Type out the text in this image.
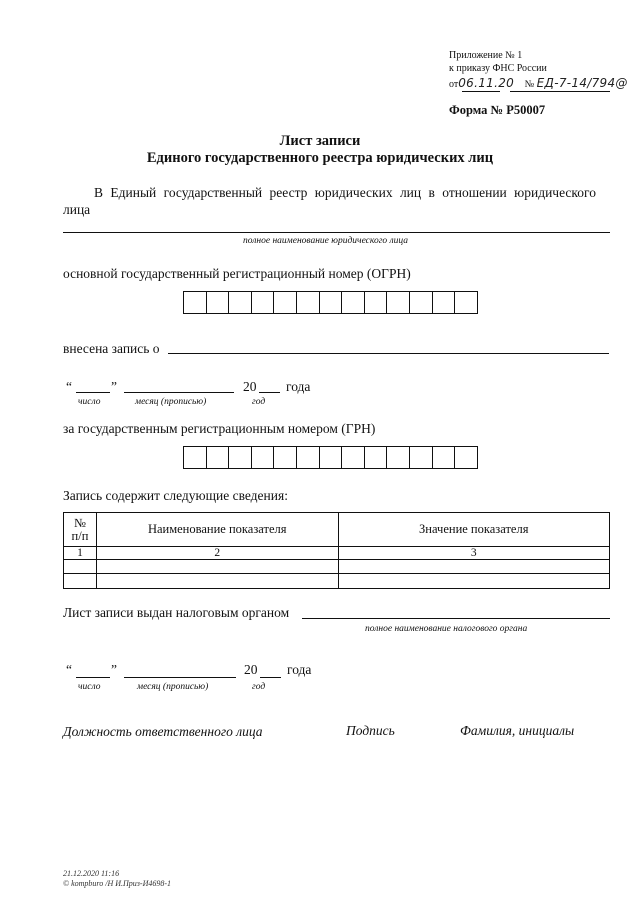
Приложение № 1
к приказу ФНС России
от06.11.20 № ЕД-7-14/794@
Форма № Р50007
Лист записи
Единого государственного реестра юридических лиц
В Единый государственный реестр юридических лиц в отношении юридического
лица
полное наименование юридического лица
основной государственный регистрационный номер (ОГРН)
внесена запись о
“	”	20 года
число	месяц (прописью)	год
за государственным регистрационным номером (ГРН)
Запись содержит следующие сведения:
№
п/п	Наименование показателя	Значение показателя
1	2	3

Лист записи выдан налоговым органом
полное наименование налогового органа
“	”	20 года
число	месяц (прописью)	год
Должность ответственного лица	Подпись	Фамилия, инициалы
21.12.2020 11:16
© kompburo /Н И.Приз-И4698-1
